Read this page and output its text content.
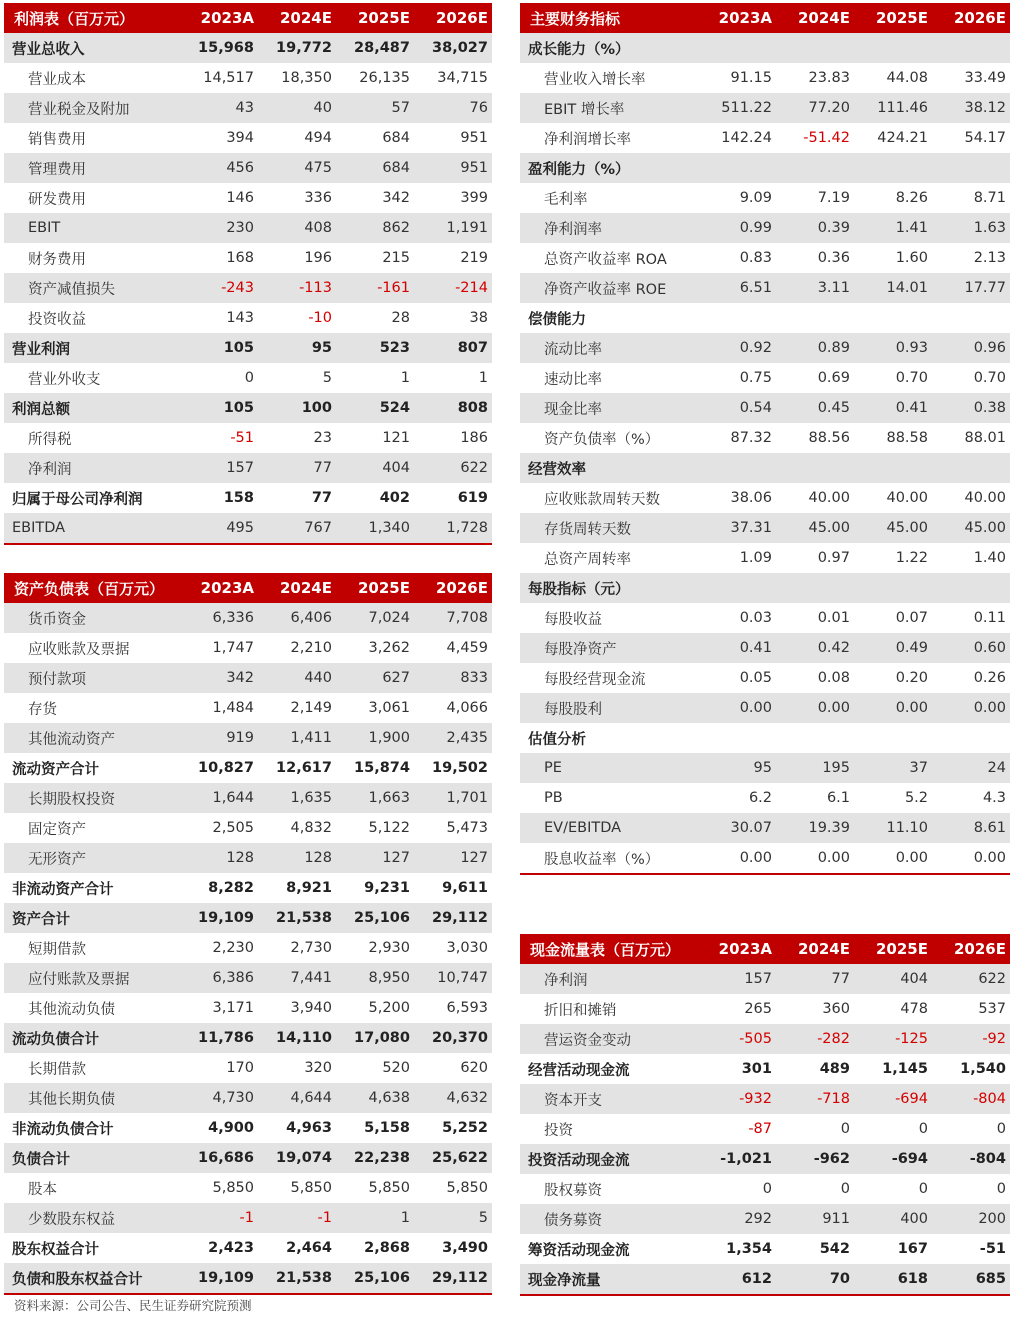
利润表（百万元）	2023A	2024E	2025E	2026E
营业总收入	15,968	19,772	28,487	38,027
营业成本	14,517	18,350	26,135	34,715
营业税金及附加	43	40	57	76
销售费用	394	494	684	951
管理费用	456	475	684	951
研发费用	146	336	342	399
EBIT	230	408	862	1,191
财务费用	168	196	215	219
资产减值损失	-243	-113	-161	-214
投资收益	143	-10	28	38
营业利润	105	95	523	807
营业外收支	0	5	1	1
利润总额	105	100	524	808
所得税	-51	23	121	186
净利润	157	77	404	622
归属于母公司净利润	158	77	402	619
EBITDA	495	767	1,340	1,728
资产负债表（百万元）	2023A	2024E	2025E	2026E
货币资金	6,336	6,406	7,024	7,708
应收账款及票据	1,747	2,210	3,262	4,459
预付款项	342	440	627	833
存货	1,484	2,149	3,061	4,066
其他流动资产	919	1,411	1,900	2,435
流动资产合计	10,827	12,617	15,874	19,502
长期股权投资	1,644	1,635	1,663	1,701
固定资产	2,505	4,832	5,122	5,473
无形资产	128	128	127	127
非流动资产合计	8,282	8,921	9,231	9,611
资产合计	19,109	21,538	25,106	29,112
短期借款	2,230	2,730	2,930	3,030
应付账款及票据	6,386	7,441	8,950	10,747
其他流动负债	3,171	3,940	5,200	6,593
流动负债合计	11,786	14,110	17,080	20,370
长期借款	170	320	520	620
其他长期负债	4,730	4,644	4,638	4,632
非流动负债合计	4,900	4,963	5,158	5,252
负债合计	16,686	19,074	22,238	25,622
股本	5,850	5,850	5,850	5,850
少数股东权益	-1	-1	1	5
股东权益合计	2,423	2,464	2,868	3,490
负债和股东权益合计	19,109	21,538	25,106	29,112
主要财务指标	2023A	2024E	2025E	2026E
成长能力（%）				
营业收入增长率	91.15	23.83	44.08	33.49
EBIT 增长率	511.22	77.20	111.46	38.12
净利润增长率	142.24	-51.42	424.21	54.17
盈利能力（%）				
毛利率	9.09	7.19	8.26	8.71
净利润率	0.99	0.39	1.41	1.63
总资产收益率 ROA	0.83	0.36	1.60	2.13
净资产收益率 ROE	6.51	3.11	14.01	17.77
偿债能力				
流动比率	0.92	0.89	0.93	0.96
速动比率	0.75	0.69	0.70	0.70
现金比率	0.54	0.45	0.41	0.38
资产负债率（%）	87.32	88.56	88.58	88.01
经营效率				
应收账款周转天数	38.06	40.00	40.00	40.00
存货周转天数	37.31	45.00	45.00	45.00
总资产周转率	1.09	0.97	1.22	1.40
每股指标（元）				
每股收益	0.03	0.01	0.07	0.11
每股净资产	0.41	0.42	0.49	0.60
每股经营现金流	0.05	0.08	0.20	0.26
每股股利	0.00	0.00	0.00	0.00
估值分析				
PE	95	195	37	24
PB	6.2	6.1	5.2	4.3
EV/EBITDA	30.07	19.39	11.10	8.61
股息收益率（%）	0.00	0.00	0.00	0.00
现金流量表（百万元）	2023A	2024E	2025E	2026E
净利润	157	77	404	622
折旧和摊销	265	360	478	537
营运资金变动	-505	-282	-125	-92
经营活动现金流	301	489	1,145	1,540
资本开支	-932	-718	-694	-804
投资	-87	0	0	0
投资活动现金流	-1,021	-962	-694	-804
股权募资	0	0	0	0
债务募资	292	911	400	200
筹资活动现金流	1,354	542	167	-51
现金净流量	612	70	618	685
资料来源：公司公告、民生证券研究院预测
